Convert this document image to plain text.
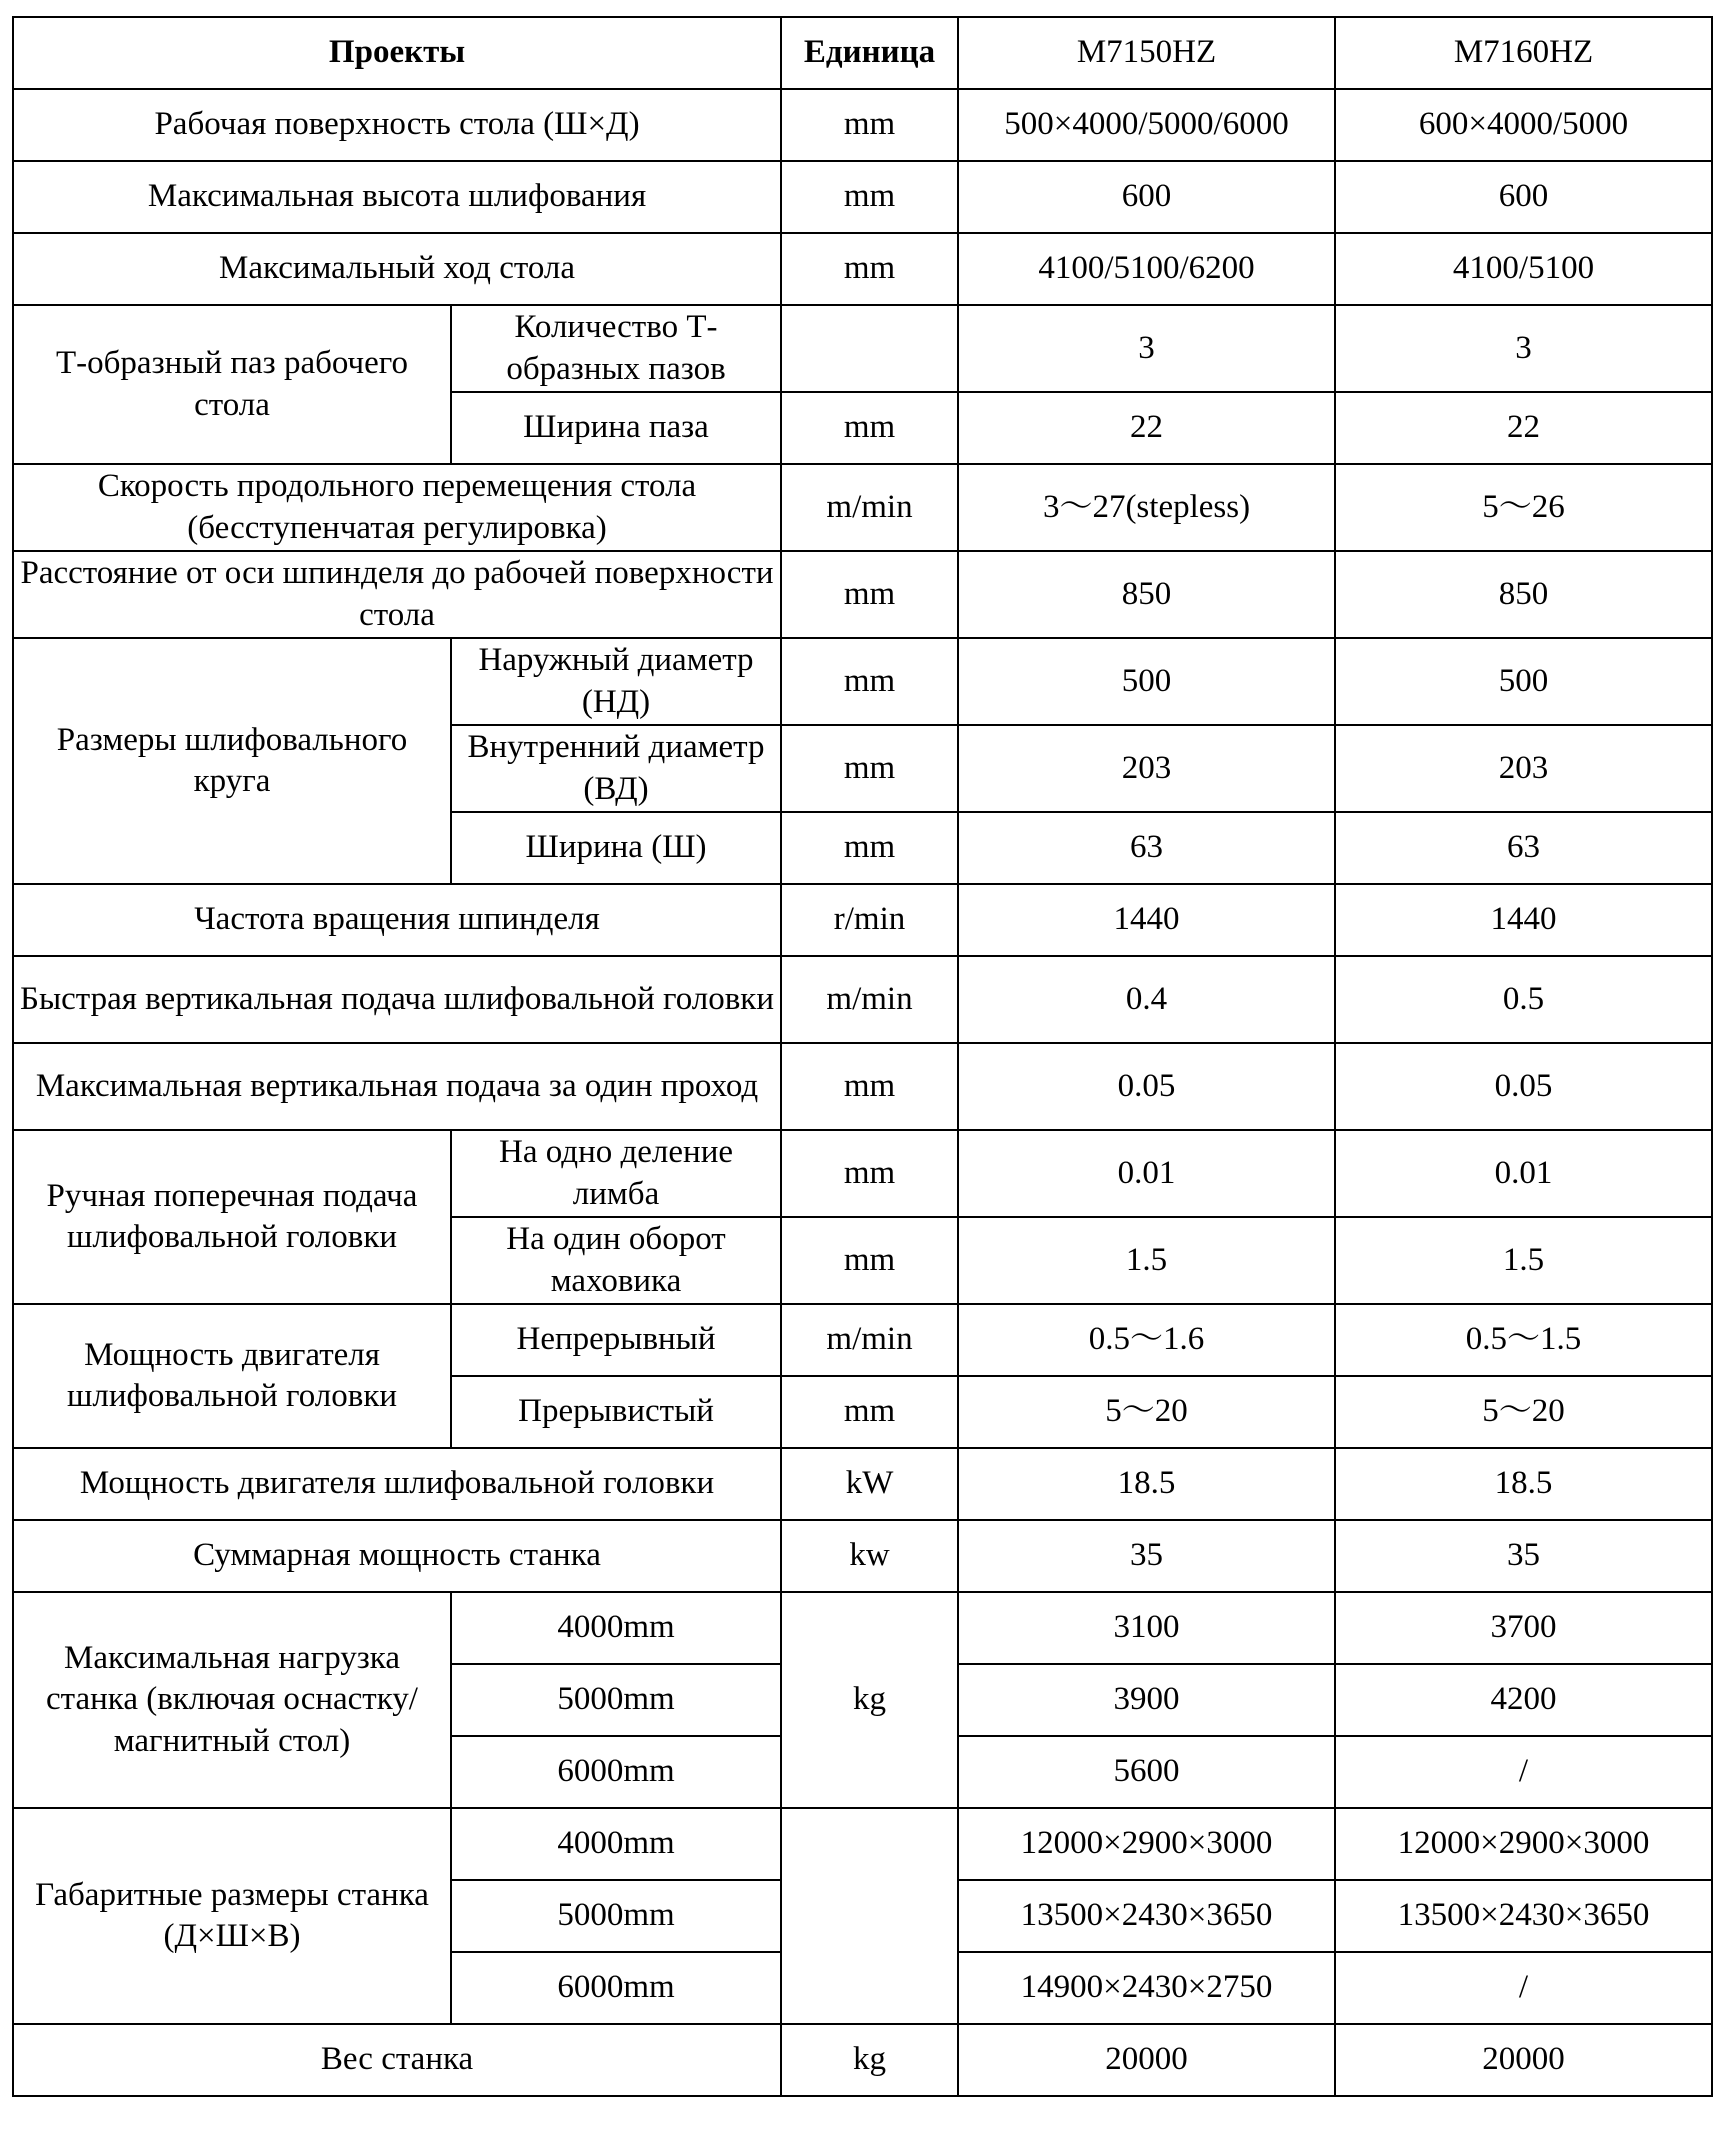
Проекты		Единица	M7150HZ	M7160HZ
Рабочая поверхность стола (Ш×Д)		mm	500×4000/5000/6000	600×4000/5000
Максимальная высота шлифования		mm	600	600
Максимальный ход стола		mm	4100/5100/6200	4100/5100
Т-образный паз рабочего стола	Количество Т-образных пазов		3	3
	Ширина паза	mm	22	22
Скорость продольного перемещения стола (бесступенчатая регулировка)		m/min	3～27(stepless)	5～26
Расстояние от оси шпинделя до рабочей поверхности стола		mm	850	850
Размеры шлифовального круга	Наружный диаметр (НД)	mm	500	500
	Внутренний диаметр (ВД)	mm	203	203
	Ширина (Ш)	mm	63	63
Частота вращения шпинделя		r/min	1440	1440
Быстрая вертикальная подача шлифовальной головки		m/min	0.4	0.5
Максимальная вертикальная подача за один проход		mm	0.05	0.05
Ручная поперечная подача шлифовальной головки	На одно деление лимба	mm	0.01	0.01
	На один оборот маховика	mm	1.5	1.5
Мощность двигателя шлифовальной головки	Непрерывный	m/min	0.5～1.6	0.5～1.5
	Прерывистый	mm	5～20	5～20
Мощность двигателя шлифовальной головки		kW	18.5	18.5
Суммарная мощность станка		kw	35	35
Максимальная нагрузка станка (включая оснастку/магнитный стол)	4000mm	kg	3100	3700
	5000mm		3900	4200
	6000mm		5600	/
Габаритные размеры станка (Д×Ш×В)	4000mm		12000×2900×3000	12000×2900×3000
	5000mm		13500×2430×3650	13500×2430×3650
	6000mm		14900×2430×2750	/
Вес станка		kg	20000	20000
